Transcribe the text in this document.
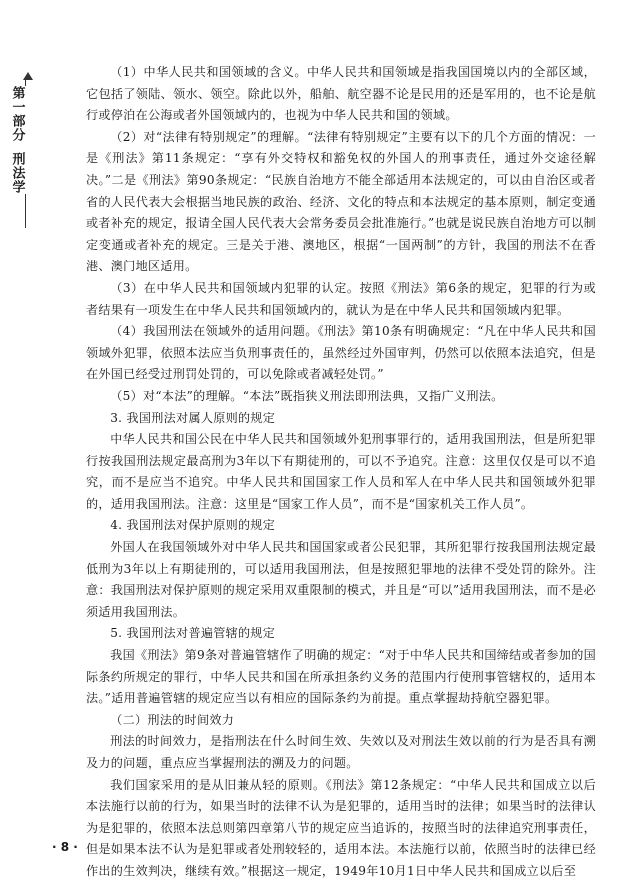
第一部分刑法学

（1）中华人民共和国领域的含义。中华人民共和国领域是指我国国境以内的全部区域，它包括了领陆、领水、领空。除此以外，船舶、航空器不论是民用的还是军用的，也不论是航行或停泊在公海或者外国领域内的，也视为中华人民共和国的领域。

（2）对“法律有特别规定”的理解。“法律有特别规定”主要有以下的几个方面的情况：一是《刑法》第11条规定：“享有外交特权和豁免权的外国人的刑事责任，通过外交途径解决。”二是《刑法》第90条规定：“民族自治地方不能全部适用本法规定的，可以由自治区或者省的人民代表大会根据当地民族的政治、经济、文化的特点和本法规定的基本原则，制定变通或者补充的规定，报请全国人民代表大会常务委员会批准施行。”也就是说民族自治地方可以制定变通或者补充的规定。三是关于港、澳地区，根据“一国两制”的方针，我国的刑法不在香港、澳门地区适用。

（3）在中华人民共和国领域内犯罪的认定。按照《刑法》第6条的规定，犯罪的行为或者结果有一项发生在中华人民共和国领域内的，就认为是在中华人民共和国领域内犯罪。

（4）我国刑法在领域外的适用问题。《刑法》第10条有明确规定：“凡在中华人民共和国领域外犯罪，依照本法应当负刑事责任的，虽然经过外国审判，仍然可以依照本法追究，但是在外国已经受过刑罚处罚的，可以免除或者减轻处罚。”

（5）对“本法”的理解。“本法”既指狭义刑法即刑法典，又指广义刑法。

3. 我国刑法对属人原则的规定

中华人民共和国公民在中华人民共和国领域外犯刑事罪行的，适用我国刑法，但是所犯罪行按我国刑法规定最高刑为3年以下有期徒刑的，可以不予追究。注意：这里仅仅是可以不追究，而不是应当不追究。中华人民共和国国家工作人员和军人在中华人民共和国领域外犯罪的，适用我国刑法。注意：这里是“国家工作人员”，而不是“国家机关工作人员”。

4. 我国刑法对保护原则的规定

外国人在我国领域外对中华人民共和国国家或者公民犯罪，其所犯罪行按我国刑法规定最低刑为3年以上有期徒刑的，可以适用我国刑法，但是按照犯罪地的法律不受处罚的除外。注意：我国刑法对保护原则的规定采用双重限制的模式，并且是“可以”适用我国刑法，而不是必须适用我国刑法。

5. 我国刑法对普遍管辖的规定

我国《刑法》第9条对普遍管辖作了明确的规定：“对于中华人民共和国缔结或者参加的国际条约所规定的罪行，中华人民共和国在所承担条约义务的范围内行使刑事管辖权的，适用本法。”适用普遍管辖的规定应当以有相应的国际条约为前提。重点掌握劫持航空器犯罪。

（二）刑法的时间效力

刑法的时间效力，是指刑法在什么时间生效、失效以及对刑法生效以前的行为是否具有溯及力的问题，重点应当掌握刑法的溯及力的问题。

我们国家采用的是从旧兼从轻的原则。《刑法》第12条规定：“中华人民共和国成立以后本法施行以前的行为，如果当时的法律不认为是犯罪的，适用当时的法律；如果当时的法律认为是犯罪的，依照本法总则第四章第八节的规定应当追诉的，按照当时的法律追究刑事责任，但是如果本法不认为是犯罪或者处刑较轻的，适用本法。本法施行以前，依照当时的法律已经作出的生效判决，继续有效。”根据这一规定，1949年10月1日中华人民共和国成立以后至

· 8 ·
